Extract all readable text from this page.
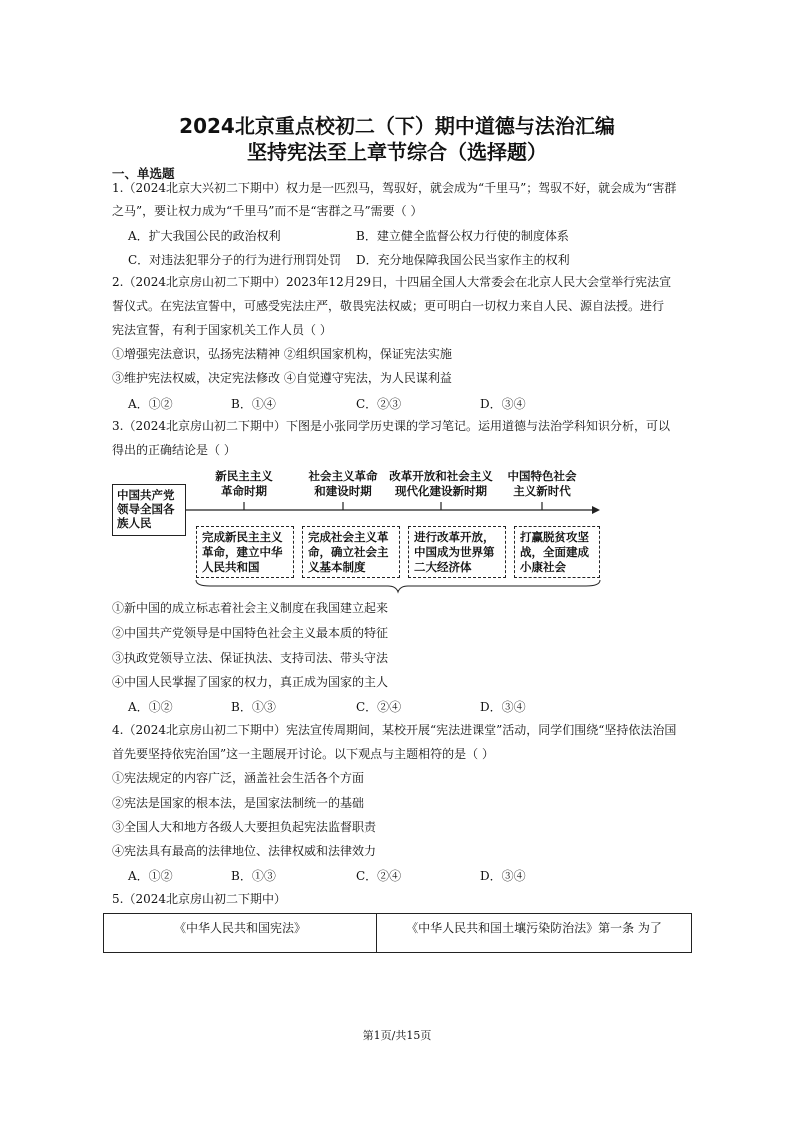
2024北京重点校初二（下）期中道德与法治汇编
坚持宪法至上章节综合（选择题）
一、单选题
1.（2024北京大兴初二下期中）权力是一匹烈马，驾驭好，就会成为“千里马”；驾驭不好，就会成为“害群
之马”，要让权力成为“千里马”而不是“害群之马”需要（ ）
A．扩大我国公民的政治权利	B．建立健全监督公权力行使的制度体系
C．对违法犯罪分子的行为进行刑罚处罚 D．充分地保障我国公民当家作主的权利
2.（2024北京房山初二下期中）2023年12月29日，十四届全国人大常委会在北京人民大会堂举行宪法宣
誓仪式。在宪法宣誓中，可感受宪法庄严，敬畏宪法权威；更可明白一切权力来自人民、源自法授。进行
宪法宣誓，有利于国家机关工作人员（ ）
①增强宪法意识，弘扬宪法精神 ②组织国家机构，保证宪法实施
③维护宪法权威，决定宪法修改 ④自觉遵守宪法，为人民谋利益
A．①②	B．①④	C．②③	D．③④
3.（2024北京房山初二下期中）下图是小张同学历史课的学习笔记。运用道德与法治学科知识分析，可以
得出的正确结论是（ ）
中国共产党领导全国各族人民
新民主主义
革命时期
社会主义革命
和建设时期
改革开放和社会主义
现代化建设新时期
中国特色社会
主义新时代
完成新民主主义革命，建立中华人民共和国
完成社会主义革命，确立社会主义基本制度
进行改革开放，中国成为世界第二大经济体
打赢脱贫攻坚战，全面建成小康社会
①新中国的成立标志着社会主义制度在我国建立起来
②中国共产党领导是中国特色社会主义最本质的特征
③执政党领导立法、保证执法、支持司法、带头守法
④中国人民掌握了国家的权力，真正成为国家的主人
A．①②	B．①③	C．②④	D．③④
4.（2024北京房山初二下期中）宪法宣传周期间，某校开展“宪法进课堂”活动，同学们围绕“坚持依法治国
首先要坚持依宪治国”这一主题展开讨论。以下观点与主题相符的是（ ）
①宪法规定的内容广泛，涵盖社会生活各个方面
②宪法是国家的根本法，是国家法制统一的基础
③全国人大和地方各级人大要担负起宪法监督职责
④宪法具有最高的法律地位、法律权威和法律效力
A．①②	B．①③	C．②④	D．③④
5.（2024北京房山初二下期中）
《中华人民共和国宪法》	《中华人民共和国土壤污染防治法》第一条 为了
第1页/共15页
